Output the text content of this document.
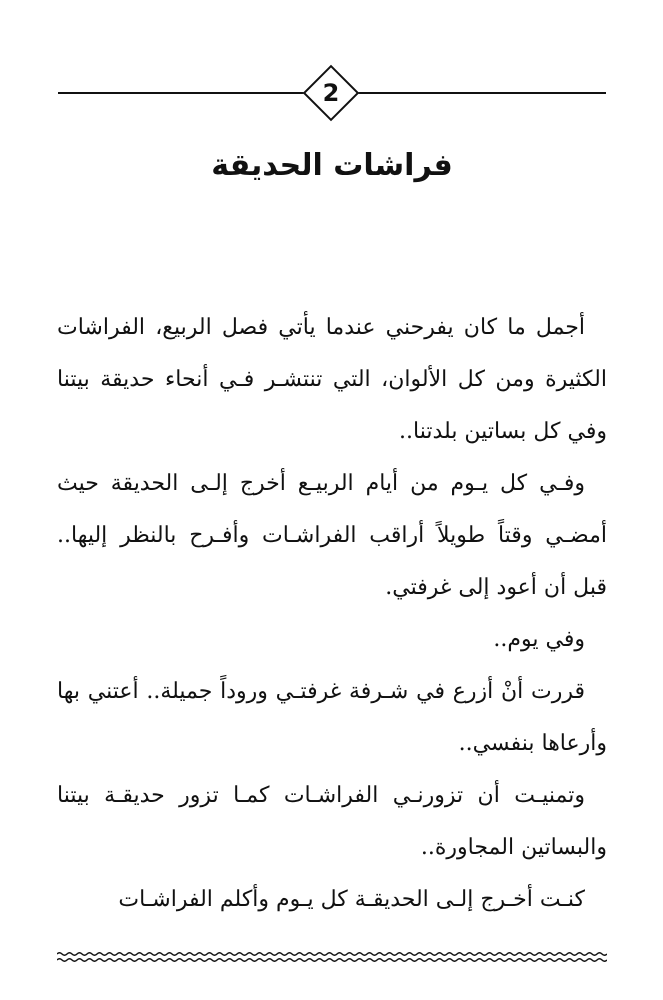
2
فراشات الحديقة

أجمل ما كان يفرحني عندما يأتي فصل الربيع، الفراشات الكثيرة ومن كل الألوان، التي تنتشـر فـي أنحاء حديقة بيتنا وفي كل بساتين بلدتنا..

وفـي كل يـوم من أيام الربيـع أخرج إلـى الحديقة حيث أمضـي وقتاً طويلاً أراقب الفراشـات وأفـرح بالنظر إليها.. قبل أن أعود إلى غرفتي.

وفي يوم..

قررت أنْ أزرع في شـرفة غرفتـي وروداً جميلة.. أعتني بها وأرعاها بنفسي..

وتمنيـت أن تزورنـي الفراشـات كمـا تزور حديقـة بيتنا والبساتين المجاورة..

كنـت أخـرج إلـى الحديقـة كل يـوم وأكلم الفراشـات
